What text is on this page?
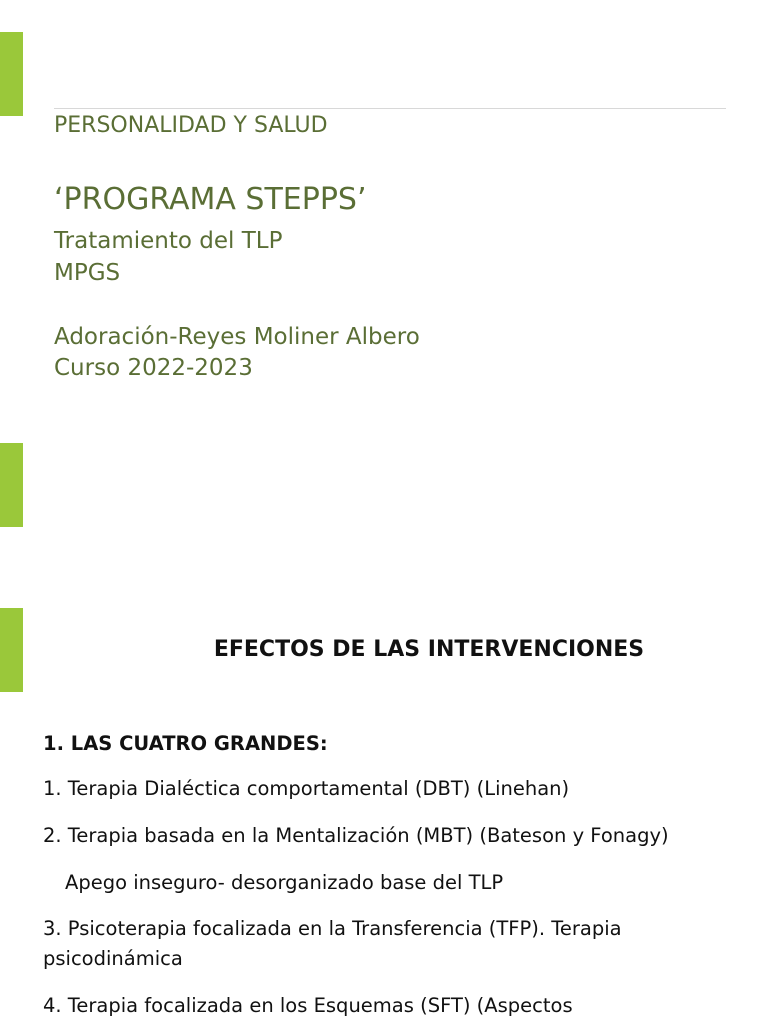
PERSONALIDAD Y SALUD
‘PROGRAMA STEPPS’
Tratamiento del TLP
MPGS
Adoración-Reyes Moliner Albero
Curso 2022-2023
EFECTOS DE LAS INTERVENCIONES
1. LAS CUATRO GRANDES:
1. Terapia Dialéctica comportamental (DBT) (Linehan)
2. Terapia basada en la Mentalización (MBT) (Bateson y Fonagy)
Apego inseguro- desorganizado base del TLP
3. Psicoterapia focalizada en la Transferencia (TFP). Terapia psicodinámica
4. Terapia focalizada en los Esquemas (SFT) (Aspectos
